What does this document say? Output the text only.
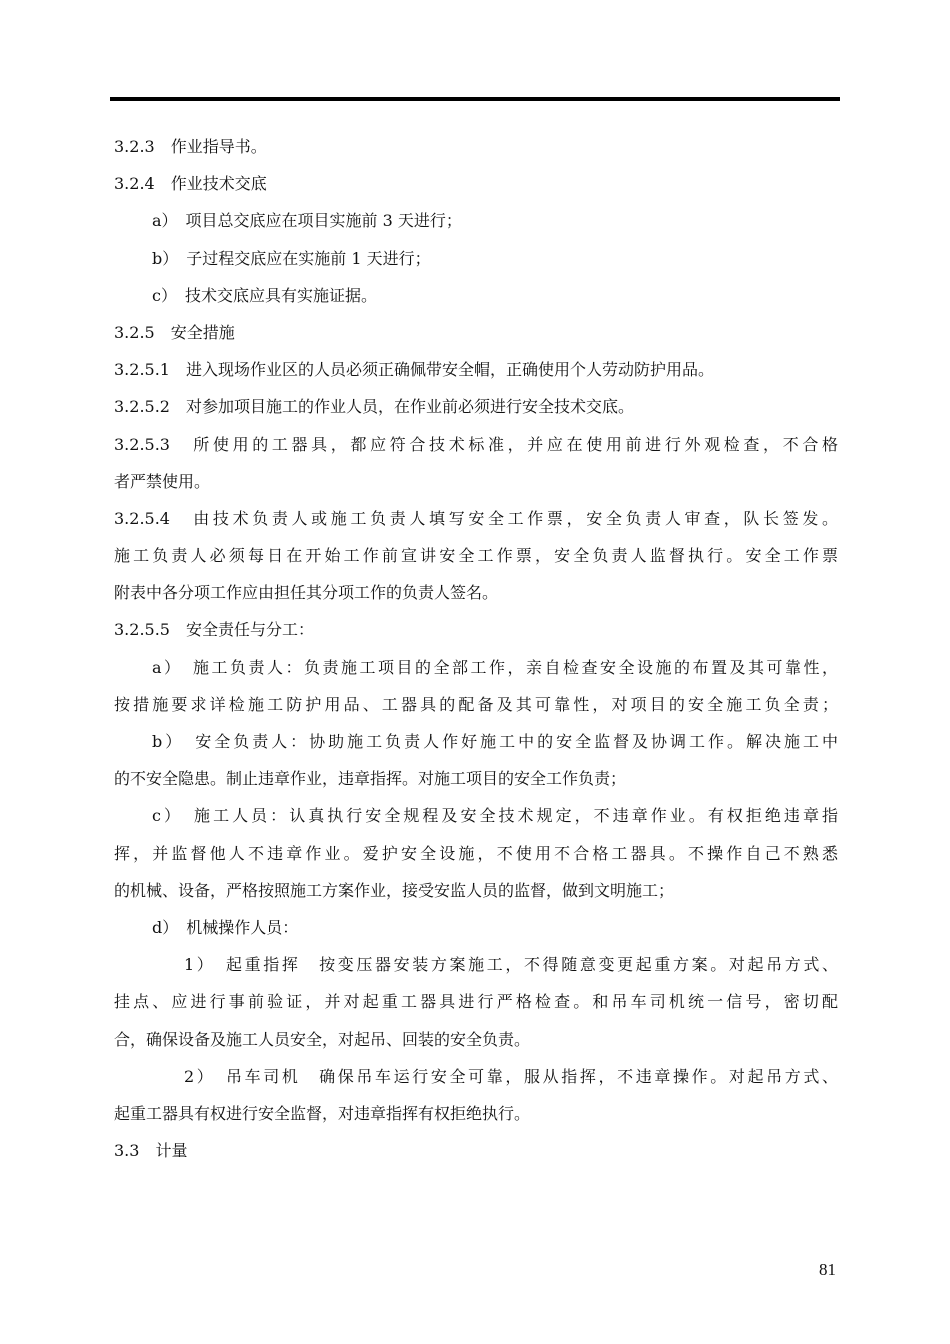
3.2.3　作业指导书。
3.2.4　作业技术交底
a）　项目总交底应在项目实施前 3 天进行；
b）　子过程交底应在实施前 1 天进行；
c）　技术交底应具有实施证据。
3.2.5　安全措施
3.2.5.1　进入现场作业区的人员必须正确佩带安全帽，正确使用个人劳动防护用品。
3.2.5.2　对参加项目施工的作业人员，在作业前必须进行安全技术交底。
3.2.5.3　所使用的工器具，都应符合技术标准，并应在使用前进行外观检查，不合格
者严禁使用。
3.2.5.4　由技术负责人或施工负责人填写安全工作票，安全负责人审查，队长签发。
施工负责人必须每日在开始工作前宣讲安全工作票，安全负责人监督执行。安全工作票
附表中各分项工作应由担任其分项工作的负责人签名。
3.2.5.5　安全责任与分工：
a）　施工负责人：负责施工项目的全部工作，亲自检查安全设施的布置及其可靠性，
按措施要求详检施工防护用品、工器具的配备及其可靠性，对项目的安全施工负全责；
b）　安全负责人：协助施工负责人作好施工中的安全监督及协调工作。解决施工中
的不安全隐患。制止违章作业，违章指挥。对施工项目的安全工作负责；
c）　施工人员：认真执行安全规程及安全技术规定，不违章作业。有权拒绝违章指
挥，并监督他人不违章作业。爱护安全设施，不使用不合格工器具。不操作自己不熟悉
的机械、设备，严格按照施工方案作业，接受安监人员的监督，做到文明施工；
d）　机械操作人员：
1）　起重指挥　按变压器安装方案施工，不得随意变更起重方案。对起吊方式、
挂点、应进行事前验证，并对起重工器具进行严格检查。和吊车司机统一信号，密切配
合，确保设备及施工人员安全，对起吊、回装的安全负责。
2）　吊车司机　确保吊车运行安全可靠，服从指挥，不违章操作。对起吊方式、
起重工器具有权进行安全监督，对违章指挥有权拒绝执行。
3.3　计量
81
